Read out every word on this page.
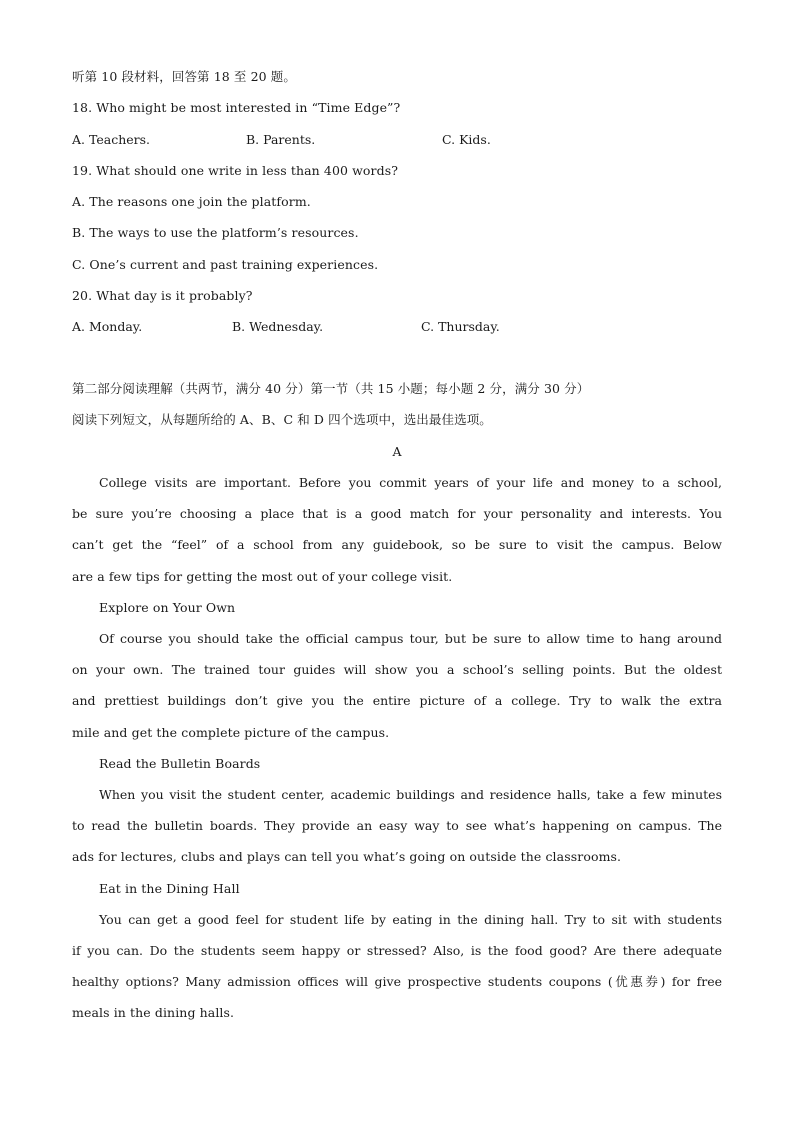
听第 10 段材料，回答第 18 至 20 题。
18. Who might be most interested in “Time Edge”?
A. Teachers.	B. Parents.	C. Kids.
19. What should one write in less than 400 words?
A. The reasons one join the platform.
B. The ways to use the platform’s resources.
C. One’s current and past training experiences.
20. What day is it probably?
A. Monday.	B. Wednesday.	C. Thursday.
第二部分阅读理解（共两节，满分 40 分）第一节（共 15 小题；每小题 2 分，满分 30 分）
阅读下列短文，从每题所给的 A、B、C 和 D 四个选项中，选出最佳选项。
A
College visits are important. Before you commit years of your life and money to a school,
be sure you’re choosing a place that is a good match for your personality and interests. You
can’t get the “feel” of a school from any guidebook, so be sure to visit the campus. Below
are a few tips for getting the most out of your college visit.
Explore on Your Own
Of course you should take the official campus tour, but be sure to allow time to hang around
on your own. The trained tour guides will show you a school’s selling points. But the oldest
and prettiest buildings don’t give you the entire picture of a college. Try to walk the extra
mile and get the complete picture of the campus.
Read the Bulletin Boards
When you visit the student center, academic buildings and residence halls, take a few minutes
to read the bulletin boards. They provide an easy way to see what’s happening on campus. The
ads for lectures, clubs and plays can tell you what’s going on outside the classrooms.
Eat in the Dining Hall
You can get a good feel for student life by eating in the dining hall. Try to sit with students
if you can. Do the students seem happy or stressed? Also, is the food good? Are there adequate
healthy options? Many admission offices will give prospective students coupons (优惠券) for free
meals in the dining halls.
